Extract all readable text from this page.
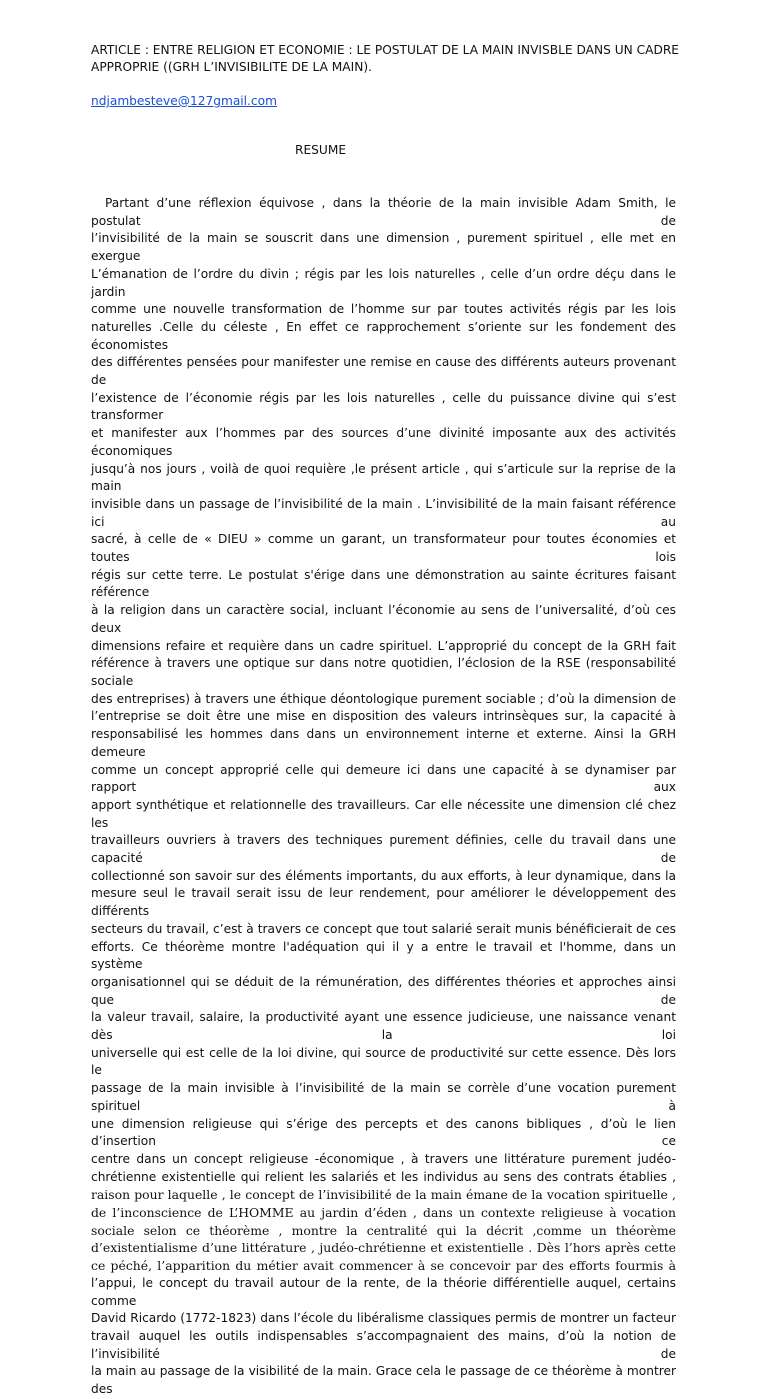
ARTICLE : ENTRE RELIGION ET ECONOMIE : LE POSTULAT DE LA MAIN INVISBLE DANS UN CADRE APPROPRIE ((GRH L’INVISIBILITE DE LA MAIN).

ndjambesteve@127gmail.com

RESUME

Partant d’une réflexion équivose , dans la théorie de la main invisible Adam Smith, le postulat de
l’invisibilité de la main se souscrit dans une dimension , purement spirituel , elle met en exergue
L’émanation de l’ordre du divin ; régis par les lois naturelles , celle d’un ordre déçu dans le jardin
comme une nouvelle transformation de l’homme sur par toutes activités régis par les lois
naturelles .Celle du céleste , En effet ce rapprochement s’oriente sur les fondement des économistes
des différentes pensées pour manifester une remise en cause des différents auteurs provenant de
l’existence de l’économie régis par les lois naturelles , celle du puissance divine qui s’est transformer
et manifester aux l’hommes par des sources d’une divinité imposante aux des activités économiques
jusqu’à nos jours , voilà de quoi requière ,le présent article , qui s’articule sur la reprise de la main
invisible dans un passage de l’invisibilité de la main . L’invisibilité de la main faisant référence ici au
sacré, à celle de « DIEU » comme un garant, un transformateur pour toutes économies et toutes lois
régis sur cette terre. Le postulat s'érige dans une démonstration au sainte écritures faisant référence
à la religion dans un caractère social, incluant l’économie au sens de l’universalité, d’où ces deux
dimensions refaire et requière dans un cadre spirituel. L’approprié du concept de la GRH fait
référence à travers une optique sur dans notre quotidien, l’éclosion de la RSE (responsabilité sociale
des entreprises) à travers une éthique déontologique purement sociable ; d’où la dimension de
l’entreprise se doit être une mise en disposition des valeurs intrinsèques sur, la capacité à
responsabilisé les hommes dans dans un environnement interne et externe. Ainsi la GRH demeure
comme un concept approprié celle qui demeure ici dans une capacité à se dynamiser par rapport aux
apport synthétique et relationnelle des travailleurs. Car elle nécessite une dimension clé chez les
travailleurs ouvriers à travers des techniques purement définies, celle du travail dans une capacité de
collectionné son savoir sur des éléments importants, du aux efforts, à leur dynamique, dans la
mesure seul le travail serait issu de leur rendement, pour améliorer le développement des différents
secteurs du travail, c’est à travers ce concept que tout salarié serait munis bénéficierait de ces
efforts. Ce théorème montre l'adéquation qui il y a entre le travail et l'homme, dans un système
organisationnel qui se déduit de la rémunération, des différentes théories et approches ainsi que de
la valeur travail, salaire, la productivité ayant une essence judicieuse, une naissance venant dès la loi
universelle qui est celle de la loi divine, qui source de productivité sur cette essence. Dès lors le
passage de la main invisible à l’invisibilité de la main se corrèle d’une vocation purement spirituel à
une dimension religieuse qui s’érige des percepts et des canons bibliques , d’où le lien d’insertion ce
centre dans un concept religieuse -économique , à travers une littérature purement judéo-
chrétienne existentielle qui relient les salariés et les individus au sens des contrats établies ,
raison pour laquelle , le concept de l’invisibilité de la main émane de la vocation spirituelle ,
de l’inconscience de L’HOMME au jardin d’éden , dans un contexte religieuse à vocation
sociale selon ce théorème , montre la centralité qui la décrit ,comme un théorème
d’existentialisme d’une littérature , judéo-chrétienne et existentielle . Dès l’hors après cette
ce péché, l’apparition du métier avait commencer à se concevoir par des efforts fourmis à
l’appui, le concept du travail autour de la rente, de la théorie différentielle auquel, certains comme
David Ricardo (1772-1823) dans l’école du libéralisme classiques permis de montrer un facteur
travail auquel les outils indispensables s’accompagnaient des mains, d’où la notion de l’invisibilité de
la main au passage de la visibilité de la main. Grace cela le passage de ce théorème à montrer des
